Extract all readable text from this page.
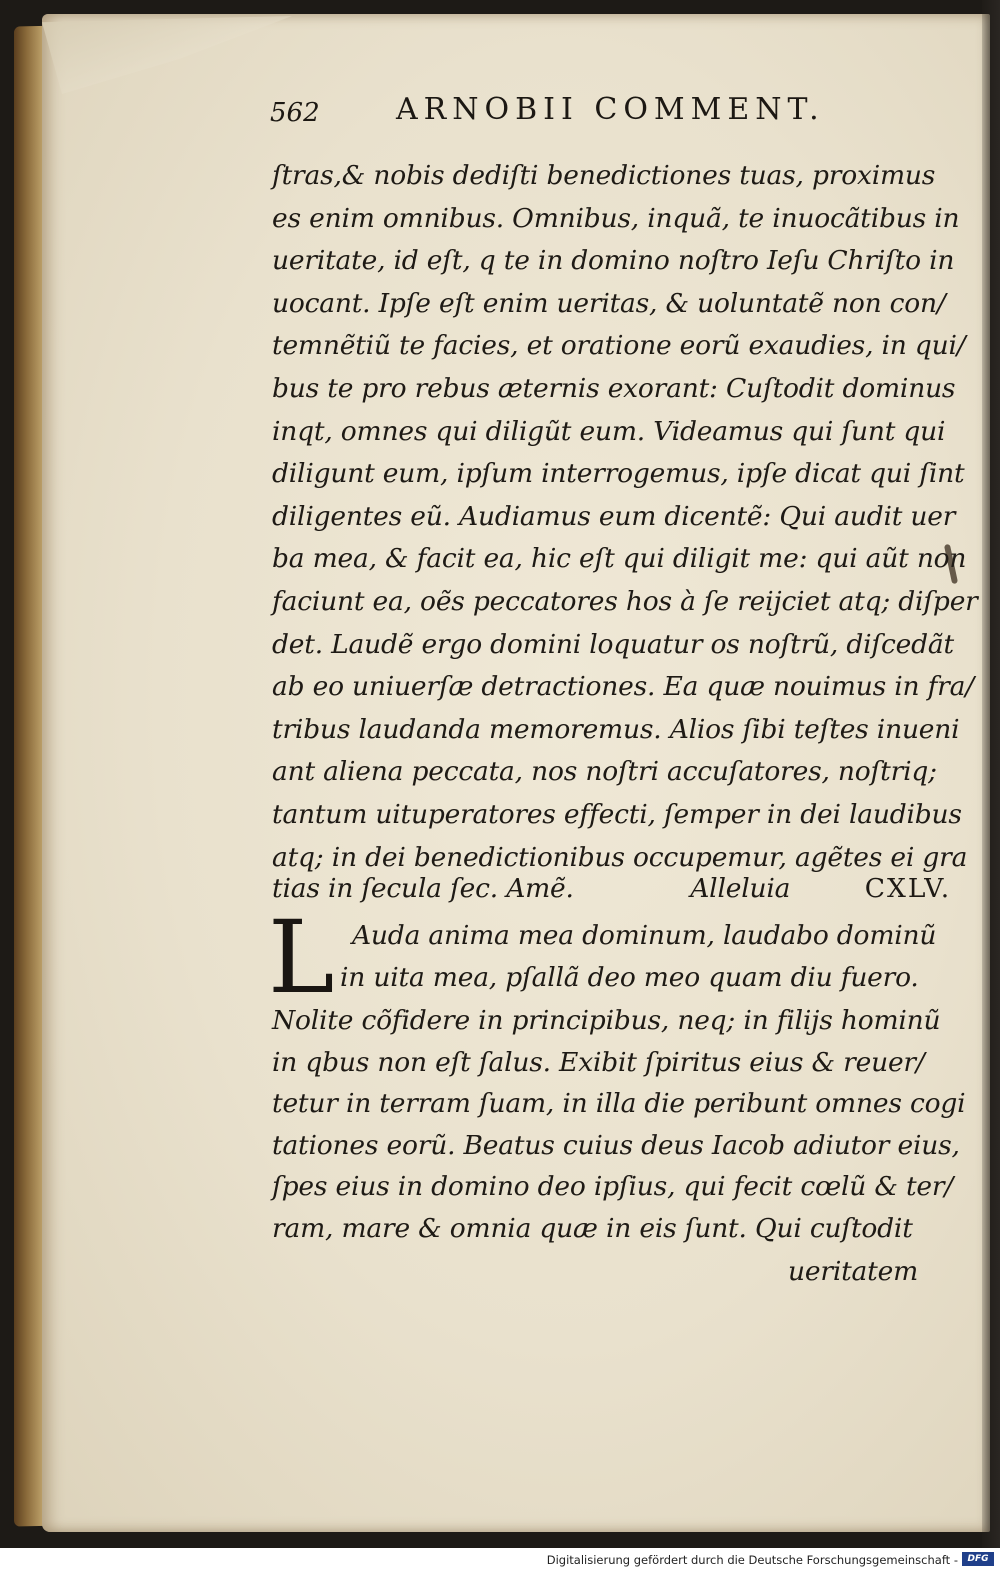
562	ARNOBII COMMENT.
ſtras,& nobis dediſti benedictiones tuas, proximus
es enim omnibus. Omnibus, inquã, te inuocãtibus in
ueritate, id eſt, q te in domino noſtro Ieſu Chriſto in
uocant. Ipſe eſt enim ueritas, & uoluntatẽ non con/
temnẽtiũ te facies, et oratione eorũ exaudies, in qui/
bus te pro rebus æternis exorant: Cuſtodit dominus
inqt, omnes qui diligũt eum. Videamus qui ſunt qui
diligunt eum, ipſum interrogemus, ipſe dicat qui ſint
diligentes eũ. Audiamus eum dicentẽ: Qui audit uer
ba mea, & facit ea, hic eſt qui diligit me: qui aũt non
faciunt ea, oẽs peccatores hos à ſe reijciet atq; diſper
det. Laudẽ ergo domini loquatur os noſtrũ, diſcedãt
ab eo uniuerſæ detractiones. Ea quæ nouimus in fra/
tribus laudanda memoremus. Alios ſibi teſtes inueni
ant aliena peccata, nos noſtri accuſatores, noſtriq;
tantum uituperatores effecti, ſemper in dei laudibus
atq; in dei benedictionibus occupemur, agẽtes ei gra
tias in ſecula ſec. Amẽ.	Alleluia	CXLV.
L Auda anima mea dominum, laudabo dominũ
in uita mea, pſallã deo meo quam diu fuero.
Nolite cõfidere in principibus, neq; in filijs hominũ
in qbus non eſt ſalus. Exibit ſpiritus eius & reuer/
tetur in terram ſuam, in illa die peribunt omnes cogi
tationes eorũ. Beatus cuius deus Iacob adiutor eius,
ſpes eius in domino deo ipſius, qui fecit cœlũ & ter/
ram, mare & omnia quæ in eis ſunt. Qui cuſtodit
ueritatem
Digitalisierung gefördert durch die Deutsche Forschungsgemeinschaft -	DFG
